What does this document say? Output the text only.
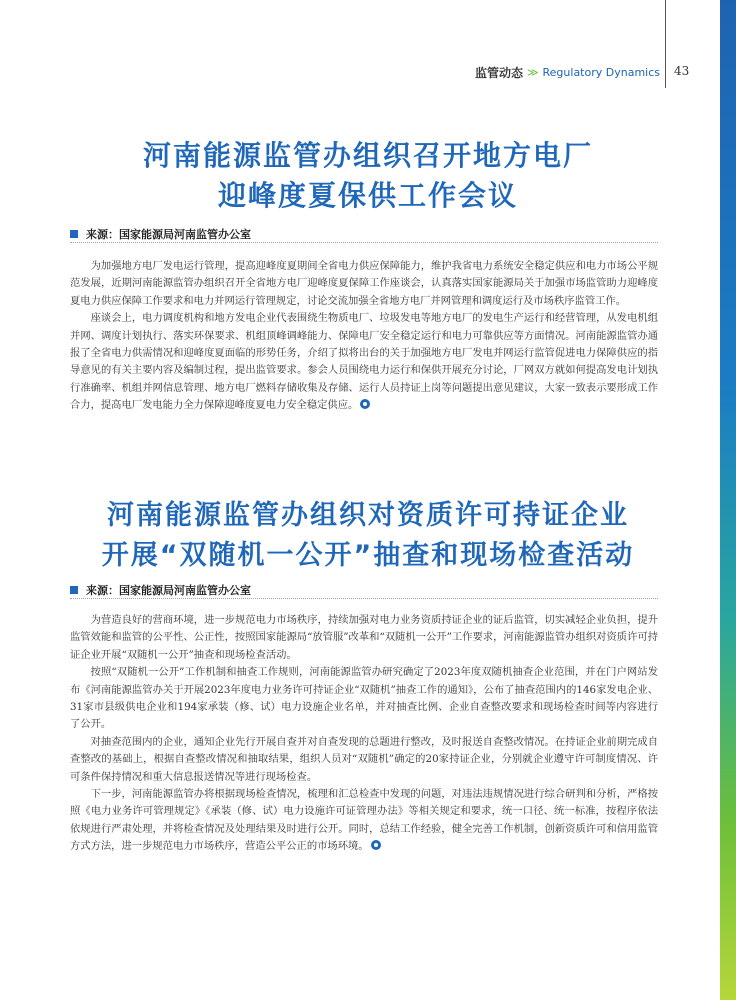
监管动态 ≫ Regulatory Dynamics 43
河南能源监管办组织召开地方电厂
迎峰度夏保供工作会议
来源：国家能源局河南监管办公室

为加强地方电厂发电运行管理，提高迎峰度夏期间全省电力供应保障能力，维护我省电力系统安全稳定供应和电力市场公平规范发展，近期河南能源监管办组织召开全省地方电厂迎峰度夏保障工作座谈会，认真落实国家能源局关于加强市场监管助力迎峰度夏电力供应保障工作要求和电力并网运行管理规定，讨论交流加强全省地方电厂并网管理和调度运行及市场秩序监管工作。

座谈会上，电力调度机构和地方发电企业代表围绕生物质电厂、垃圾发电等地方电厂的发电生产运行和经营管理，从发电机组并网、调度计划执行、落实环保要求、机组顶峰调峰能力、保障电厂安全稳定运行和电力可靠供应等方面情况。河南能源监管办通报了全省电力供需情况和迎峰度夏面临的形势任务，介绍了拟将出台的关于加强地方电厂发电并网运行监管促进电力保障供应的指导意见的有关主要内容及编制过程，提出监管要求。参会人员围绕电力运行和保供开展充分讨论，厂网双方就如何提高发电计划执行准确率、机组并网信息管理、地方电厂燃料存储收集及存储、运行人员持证上岗等问题提出意见建议，大家一致表示要形成工作合力，提高电厂发电能力全力保障迎峰度夏电力安全稳定供应。

河南能源监管办组织对资质许可持证企业
开展“双随机一公开”抽查和现场检查活动
来源：国家能源局河南监管办公室

为营造良好的营商环境，进一步规范电力市场秩序，持续加强对电力业务资质持证企业的证后监管，切实减轻企业负担，提升监管效能和监管的公平性、公正性，按照国家能源局“放管服”改革和“双随机一公开”工作要求，河南能源监管办组织对资质许可持证企业开展“双随机一公开”抽查和现场检查活动。

按照“双随机一公开”工作机制和抽查工作规则，河南能源监管办研究确定了2023年度双随机抽查企业范围，并在门户网站发布《河南能源监管办关于开展2023年度电力业务许可持证企业“双随机”抽查工作的通知》，公布了抽查范围内的146家发电企业、31家市县级供电企业和194家承装（修、试）电力设施企业名单，并对抽查比例、企业自查整改要求和现场检查时间等内容进行了公开。

对抽查范围内的企业，通知企业先行开展自查并对自查发现的总题进行整改，及时报送自查整改情况。在持证企业前期完成自查整改的基础上，根据自查整改情况和抽取结果，组织人员对“双随机”确定的20家持证企业，分别就企业遵守许可制度情况、许可条件保持情况和重大信息报送情况等进行现场检查。

下一步，河南能源监管办将根据现场检查情况，梳理和汇总检查中发现的问题，对违法违规情况进行综合研判和分析，严格按照《电力业务许可管理规定》《承装（修、试）电力设施许可证管理办法》等相关规定和要求，统一口径、统一标准，按程序依法依规进行严肃处理，并将检查情况及处理结果及时进行公开。同时，总结工作经验，健全完善工作机制，创新资质许可和信用监管方式方法，进一步规范电力市场秩序，营造公平公正的市场环境。
